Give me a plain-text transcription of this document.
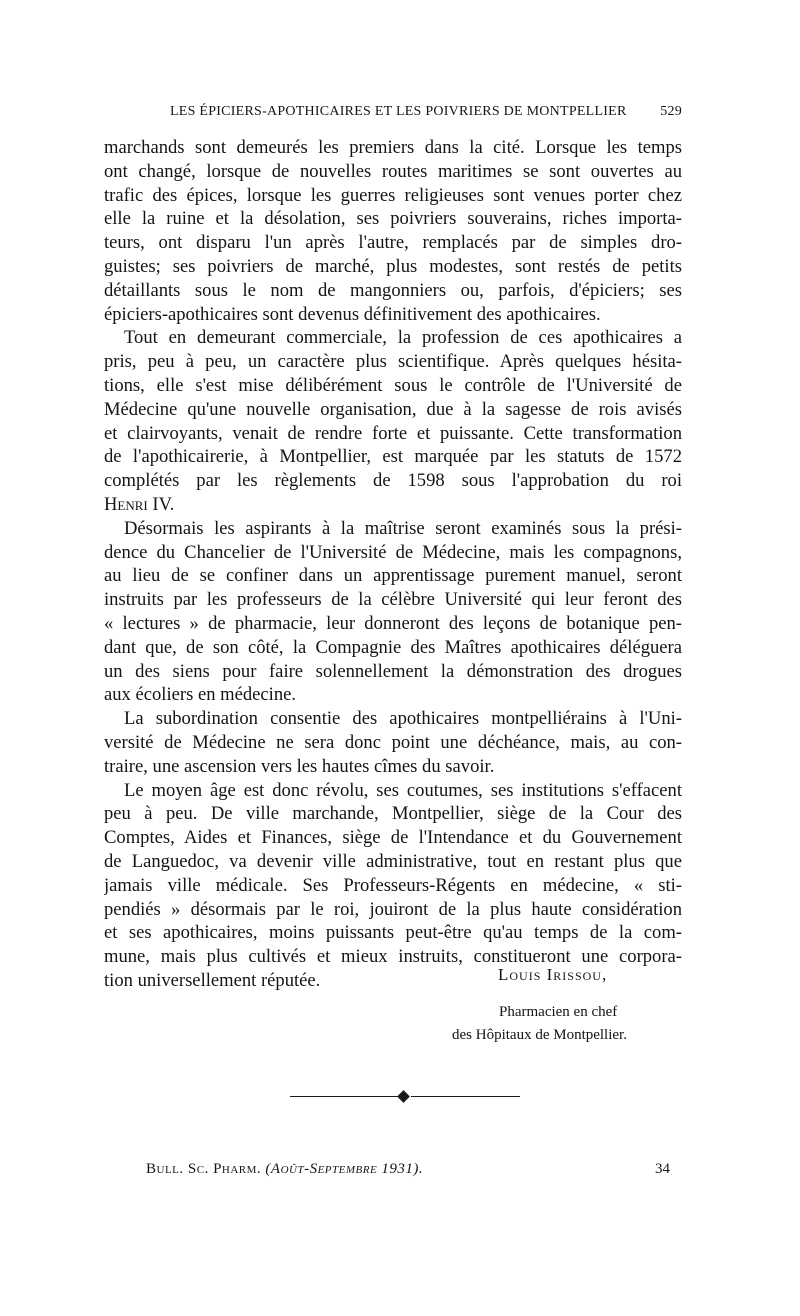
LES ÉPICIERS-APOTHICAIRES ET LES POIVRIERS DE MONTPELLIER 529
marchands sont demeurés les premiers dans la cité. Lorsque les temps
ont changé, lorsque de nouvelles routes maritimes se sont ouvertes au
trafic des épices, lorsque les guerres religieuses sont venues porter chez
elle la ruine et la désolation, ses poivriers souverains, riches importa-
teurs, ont disparu l'un après l'autre, remplacés par de simples dro-
guistes; ses poivriers de marché, plus modestes, sont restés de petits
détaillants sous le nom de mangonniers ou, parfois, d'épiciers; ses
épiciers-apothicaires sont devenus définitivement des apothicaires.
Tout en demeurant commerciale, la profession de ces apothicaires a
pris, peu à peu, un caractère plus scientifique. Après quelques hésita-
tions, elle s'est mise délibérément sous le contrôle de l'Université de
Médecine qu'une nouvelle organisation, due à la sagesse de rois avisés
et clairvoyants, venait de rendre forte et puissante. Cette transformation
de l'apothicairerie, à Montpellier, est marquée par les statuts de 1572
complétés par les règlements de 1598 sous l'approbation du roi
Henri IV.
Désormais les aspirants à la maîtrise seront examinés sous la prési-
dence du Chancelier de l'Université de Médecine, mais les compagnons,
au lieu de se confiner dans un apprentissage purement manuel, seront
instruits par les professeurs de la célèbre Université qui leur feront des
« lectures » de pharmacie, leur donneront des leçons de botanique pen-
dant que, de son côté, la Compagnie des Maîtres apothicaires déléguera
un des siens pour faire solennellement la démonstration des drogues
aux écoliers en médecine.
La subordination consentie des apothicaires montpelliérains à l'Uni-
versité de Médecine ne sera donc point une déchéance, mais, au con-
traire, une ascension vers les hautes cîmes du savoir.
Le moyen âge est donc révolu, ses coutumes, ses institutions s'effacent
peu à peu. De ville marchande, Montpellier, siège de la Cour des
Comptes, Aides et Finances, siège de l'Intendance et du Gouvernement
de Languedoc, va devenir ville administrative, tout en restant plus que
jamais ville médicale. Ses Professeurs-Régents en médecine, « sti-
pendiés » désormais par le roi, jouiront de la plus haute considération
et ses apothicaires, moins puissants peut-être qu'au temps de la com-
mune, mais plus cultivés et mieux instruits, constitueront une corpora-
tion universellement réputée.	Louis Irissou,
Pharmacien en chef
des Hôpitaux de Montpellier.
Bull. Sc. Pharm. (Août-Septembre 1931).	34
